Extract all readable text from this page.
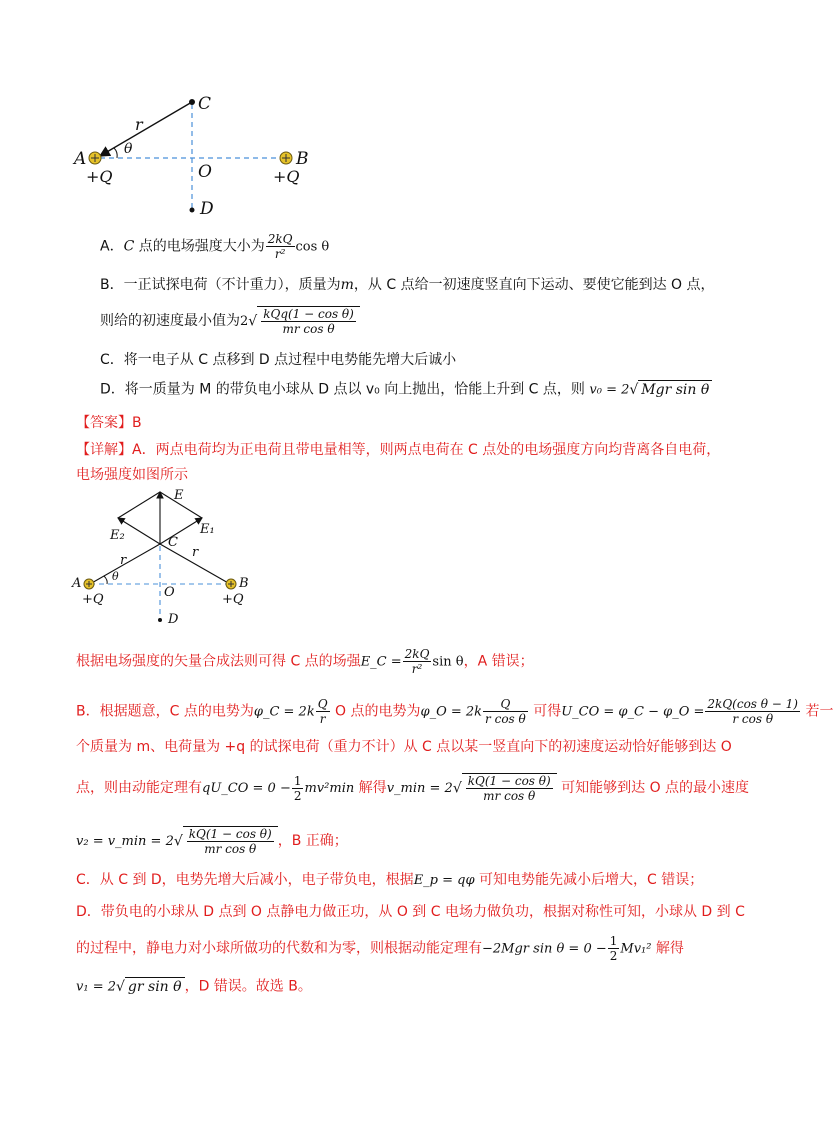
C
A	B
O
D
r
θ
+Q	+Q
A．C 点的电场强度大小为 $\frac{2kQ}{\text{r²}}$ cos θ
B．一正试探电荷（不计重力），质量为m，从 C 点给一初速度竖直向下运动、要使它能到达 O 点，
则给的初速度最小值为$2√ \frac{\text{kQq(1 − cos θ)}}{\text{mr cos θ}}$
C．将一电子从 C 点移到 D 点过程中电势能先增大后诚小
D．将一质量为 M 的带负电小球从 D 点以 v₀ 向上抛出，恰能上升到 C 点，则 v₀ = 2√ Mgr sin θ
【答案】B
【详解】A．两点电荷均为正电荷且带电量相等，则两点电荷在 C 点处的电场强度方向均背离各自电荷，
电场强度如图所示
E
E₁
E₂	C
r
r
A	B
θ
+Q	+Q
O
D
根据电场强度的矢量合成法则可得 C 点的场强E_C = $\frac{2kQ}{\text{r²}}$ sin θ，A 错误；
B．根据题意，C 点的电势为φ_C = $2k \frac{Q}{r}$ O 点的电势为φ_O = $2k \frac{Q}{\text{r cos θ}}$ 可得U_CO = φ_C − φ_O = $\frac{\text{2kQ(cos θ − 1)}}{\text{r cos θ}}$ 若一
个质量为 m、电荷量为 +q 的试探电荷（重力不计）从 C 点以某一竖直向下的初速度运动恰好能够到达 O
点，则由动能定理有qU_CO = $0 - \frac{1}{2} mv^2\min$ 解得v_min = $2√ \frac{\text{kQ(1 − cos θ)}}{\text{mr cos θ}}$ 可知能够到达 O 点的最小速度
v₂ = v_min = $2√ \frac{\text{kQ(1 − cos θ)}}{\text{mr cos θ}}$ ，B 正确；
C．从 C 到 D，电势先增大后减小，电子带负电，根据E_p = qφ 可知电势能先减小后增大，C 错误；
D．带负电的小球从 D 点到 O 点静电力做正功，从 O 到 C 电场力做负功，根据对称性可知，小球从 D 到 C
的过程中，静电力对小球所做功的代数和为零，则根据动能定理有−2Mgr $\sin \theta = 0 - \frac{1}{2} Mv_1^2$ 解得
v₁ = 2√ gr sin θ ，D 错误。故选 B。
